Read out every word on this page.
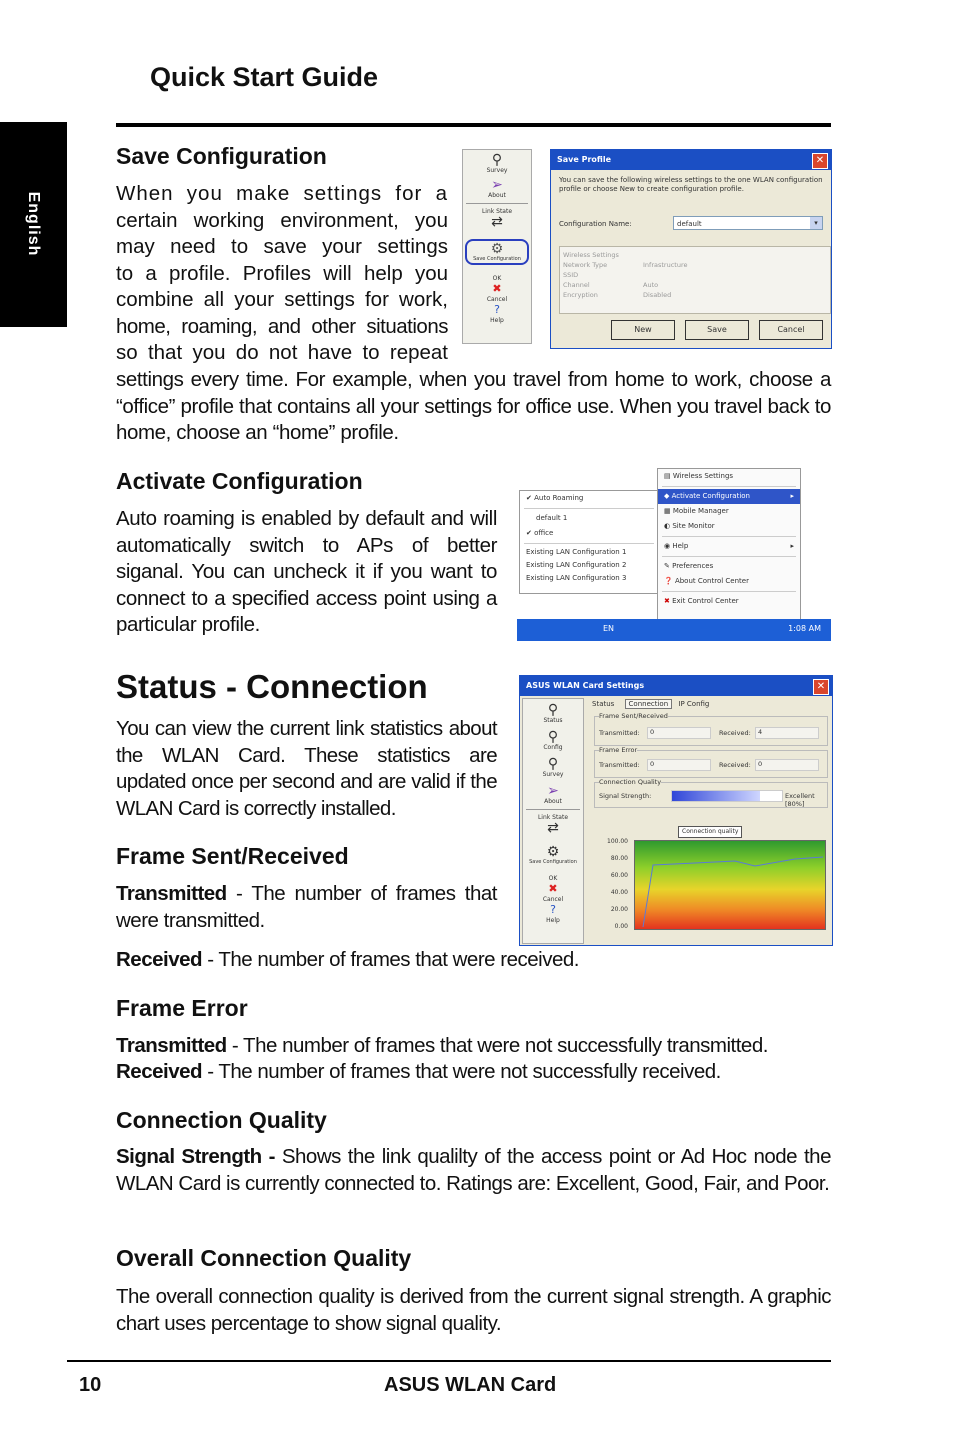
English
Quick Start Guide
Save Configuration
When you make settings for a
certain working environment, you
may need to save your settings
to a profile. Profiles will help you
combine all your settings for work,
home, roaming, and other situations
so that you do not have to repeat
settings every time. For example, when you travel from home to work, choose a “office” profile that contains all your settings for office use. When you travel back to home, choose an “home” profile.
⚲
Survey
➢
About
Link State
⇄
⚙
Save Configuration
OK
✖
Cancel
?
Help
Save Profile	✕
You can save the following wireless settings to the one WLAN configuration profile or choose New to create configuration profile.
Configuration Name:	default	▾
Wireless Settings
Network Type	Infrastructure
SSID
Channel	Auto
Encryption	Disabled
New	Save	Cancel
Activate Configuration
Auto roaming is enabled by default and will automatically switch to APs of better siganal. You can uncheck it if you want to connect to a specified access point using a particular profile.
✔ Auto Roaming
default 1
✔ office
Existing LAN Configuration 1
Existing LAN Configuration 2
Existing LAN Configuration 3
▤ Wireless Settings
◆ Activate Configuration	▸
▦ Mobile Manager
◐ Site Monitor
◉ Help	▸
✎ Preferences
❓ About Control Center
✖ Exit Control Center
EN	1:08 AM
Status - Connection
You can view the current link statistics about the WLAN Card. These statistics are updated once per second and are valid if the WLAN Card is correctly installed.
ASUS WLAN Card Settings	✕
⚲
Status
⚲
Config
⚲
Survey
➢
About
Link State
⇄
⚙
Save Configuration
OK
✖
Cancel
?
Help
Status Connection IP Config
Frame Sent/Received
Transmitted:	0	Received:	4
Frame Error
Transmitted:	0	Received:	0
Connection Quality
Signal Strength:	Excellent [80%]
Connection quality
100.00
80.00
60.00
40.00
20.00
0.00
Frame Sent/Received
Transmitted - The number of frames that were transmitted.
Received - The number of frames that were received.
Frame Error
Transmitted - The number of frames that were not successfully transmitted.
Received - The number of frames that were not successfully received.
Connection Quality
Signal Strength - Shows the link qualilty of the access point or Ad Hoc node the WLAN Card is currently connected to. Ratings are: Excellent, Good, Fair, and Poor.
Overall Connection Quality
The overall connection quality is derived from the current signal strength. A graphic chart uses percentage to show signal quality.
10	ASUS WLAN Card
